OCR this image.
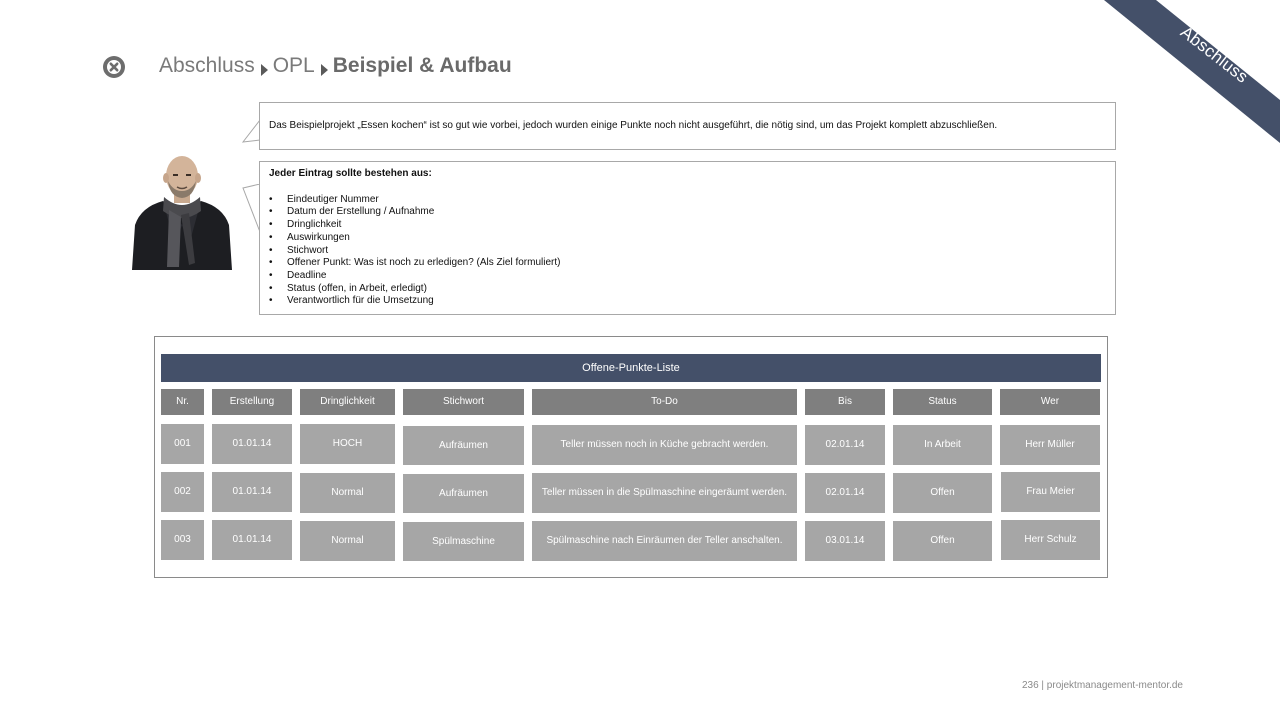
Abschluss
Abschluss OPL Beispiel & Aufbau
Das Beispielprojekt „Essen kochen“ ist so gut wie vorbei, jedoch wurden einige Punkte noch nicht ausgeführt, die nötig sind, um das Projekt komplett abzuschließen.
Jeder Eintrag sollte bestehen aus:
• Eindeutiger Nummer
• Datum der Erstellung / Aufnahme
• Dringlichkeit
• Auswirkungen
• Stichwort
• Offener Punkt: Was ist noch zu erledigen? (Als Ziel formuliert)
• Deadline
• Status (offen, in Arbeit, erledigt)
• Verantwortlich für die Umsetzung
Offene-Punkte-Liste
Nr.	Erstellung	Dringlichkeit	Stichwort	To-Do	Bis	Status	Wer
001	01.01.14	HOCH	Aufräumen	Teller müssen noch in Küche gebracht werden.	02.01.14	In Arbeit	Herr Müller
002	01.01.14	Normal	Aufräumen	Teller müssen in die Spülmaschine eingeräumt werden.	02.01.14	Offen	Frau Meier
003	01.01.14	Normal	Spülmaschine	Spülmaschine nach Einräumen der Teller anschalten.	03.01.14	Offen	Herr Schulz
236 | projektmanagement-mentor.de
